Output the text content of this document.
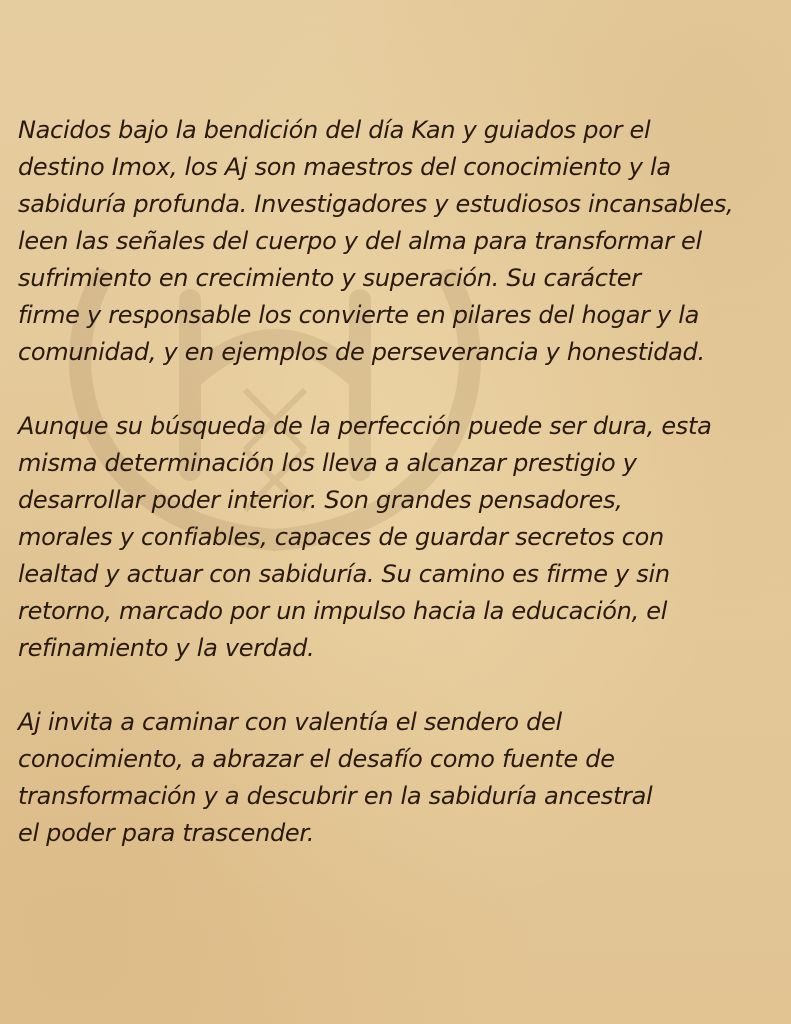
Nacidos bajo la bendición del día Kan y guiados por el
destino Imox, los Aj son maestros del conocimiento y la
sabiduría profunda. Investigadores y estudiosos incansables,
leen las señales del cuerpo y del alma para transformar el
sufrimiento en crecimiento y superación. Su carácter
firme y responsable los convierte en pilares del hogar y la
comunidad, y en ejemplos de perseverancia y honestidad.

Aunque su búsqueda de la perfección puede ser dura, esta
misma determinación los lleva a alcanzar prestigio y
desarrollar poder interior. Son grandes pensadores,
morales y confiables, capaces de guardar secretos con
lealtad y actuar con sabiduría. Su camino es firme y sin
retorno, marcado por un impulso hacia la educación, el
refinamiento y la verdad.

Aj invita a caminar con valentía el sendero del
conocimiento, a abrazar el desafío como fuente de
transformación y a descubrir en la sabiduría ancestral
el poder para trascender.
